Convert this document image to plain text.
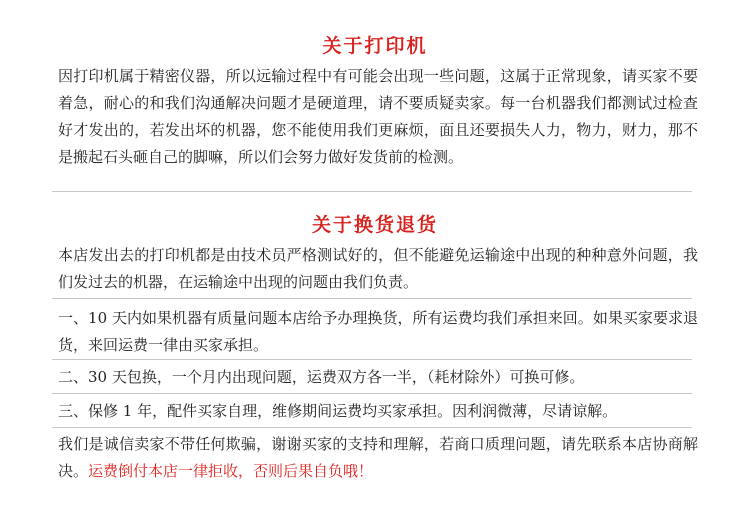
关于打印机
因打印机属于精密仪器，所以远输过程中有可能会出现一些问题，这属于正常现象，请买家不要着急，耐心的和我们沟通解决问题才是硬道理，请不要质疑卖家。每一台机器我们都测试过检查好才发出的，若发出坏的机器，您不能使用我们更麻烦，面且还要损失人力，物力，财力，那不是搬起石头砸自己的脚嘛，所以们会努力做好发货前的检测。
关于换货退货
本店发出去的打印机都是由技术员严格测试好的，但不能避免运输途中出现的种种意外问题，我们发过去的机器，在运输途中出现的问题由我们负责。
一、10 天内如果机器有质量问题本店给予办理换货，所有运费均我们承担来回。如果买家要求退货，来回运费一律由买家承担。
二、30 天包换，一个月内出现问题，运费双方各一半，（耗材除外）可换可修。
三、保修 1 年，配件买家自理，维修期间运费均买家承担。因利润微薄，尽请谅解。
我们是诚信卖家不带任何欺骗，谢谢买家的支持和理解，若商口质理问题，请先联系本店协商解决。运费倒付本店一律拒收，否则后果自负哦！
